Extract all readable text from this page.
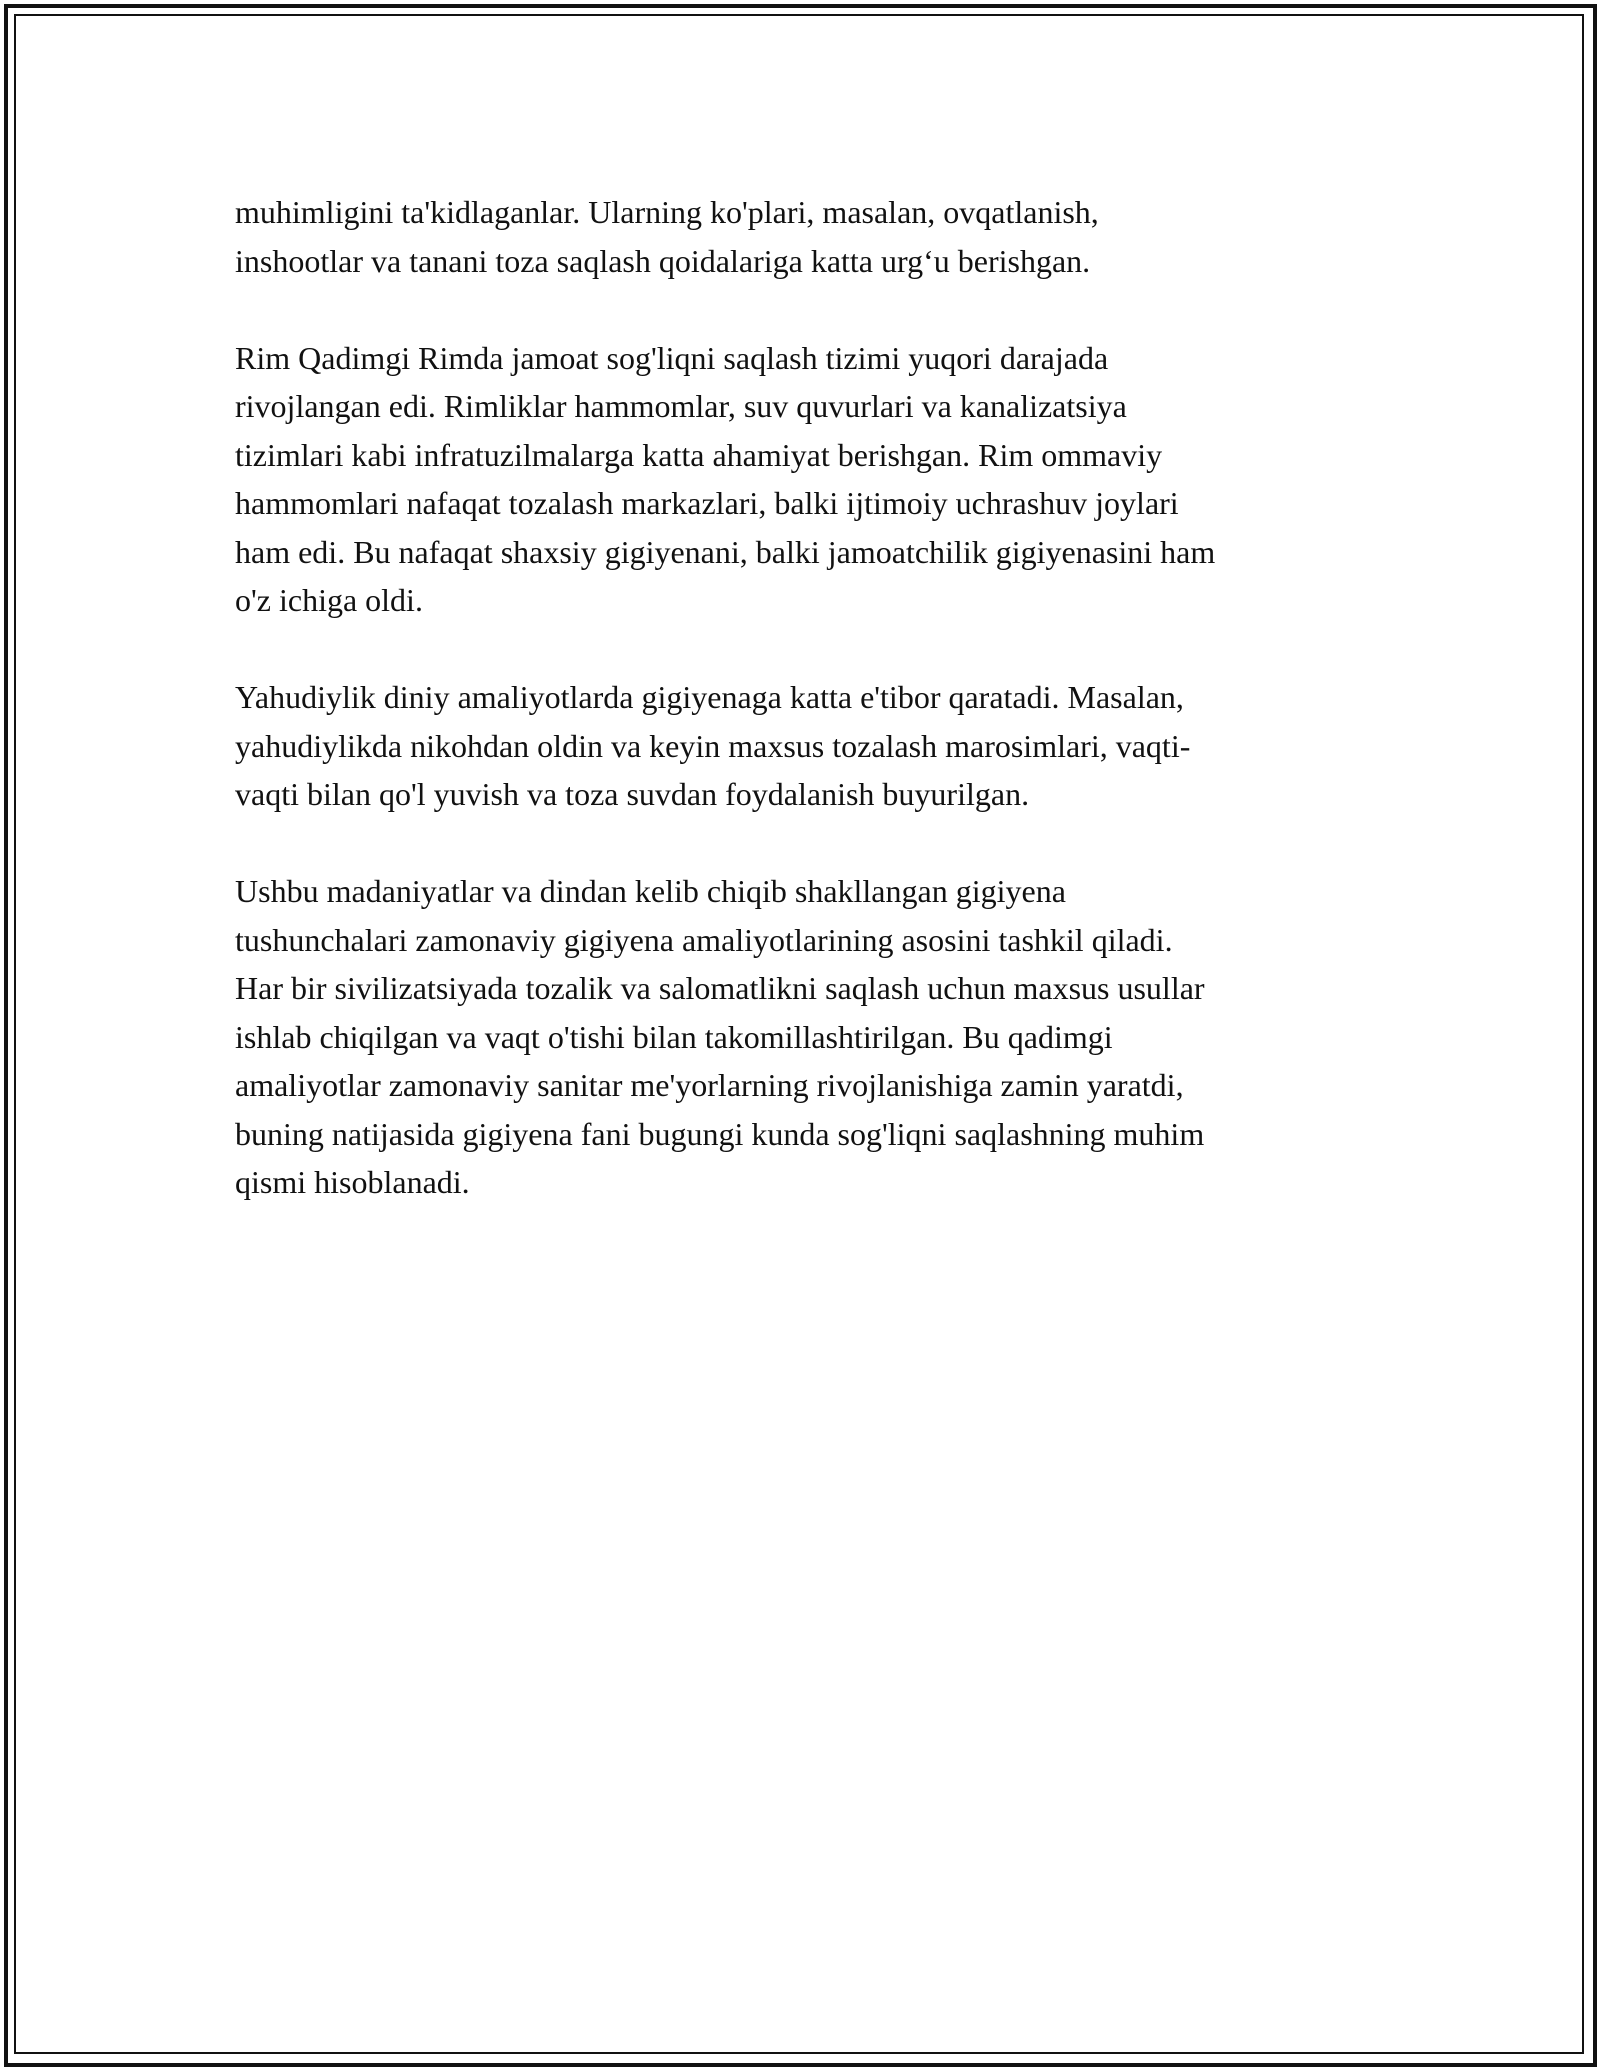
muhimligini ta'kidlaganlar. Ularning ko'plari, masalan, ovqatlanish,
inshootlar va tanani toza saqlash qoidalariga katta urg‘u berishgan.

Rim Qadimgi Rimda jamoat sog'liqni saqlash tizimi yuqori darajada
rivojlangan edi. Rimliklar hammomlar, suv quvurlari va kanalizatsiya
tizimlari kabi infratuzilmalarga katta ahamiyat berishgan. Rim ommaviy
hammomlari nafaqat tozalash markazlari, balki ijtimoiy uchrashuv joylari
ham edi. Bu nafaqat shaxsiy gigiyenani, balki jamoatchilik gigiyenasini ham
o'z ichiga oldi.

Yahudiylik diniy amaliyotlarda gigiyenaga katta e'tibor qaratadi. Masalan,
yahudiylikda nikohdan oldin va keyin maxsus tozalash marosimlari, vaqti-
vaqti bilan qo'l yuvish va toza suvdan foydalanish buyurilgan.

Ushbu madaniyatlar va dindan kelib chiqib shakllangan gigiyena
tushunchalari zamonaviy gigiyena amaliyotlarining asosini tashkil qiladi.
Har bir sivilizatsiyada tozalik va salomatlikni saqlash uchun maxsus usullar
ishlab chiqilgan va vaqt o'tishi bilan takomillashtirilgan. Bu qadimgi
amaliyotlar zamonaviy sanitar me'yorlarning rivojlanishiga zamin yaratdi,
buning natijasida gigiyena fani bugungi kunda sog'liqni saqlashning muhim
qismi hisoblanadi.
